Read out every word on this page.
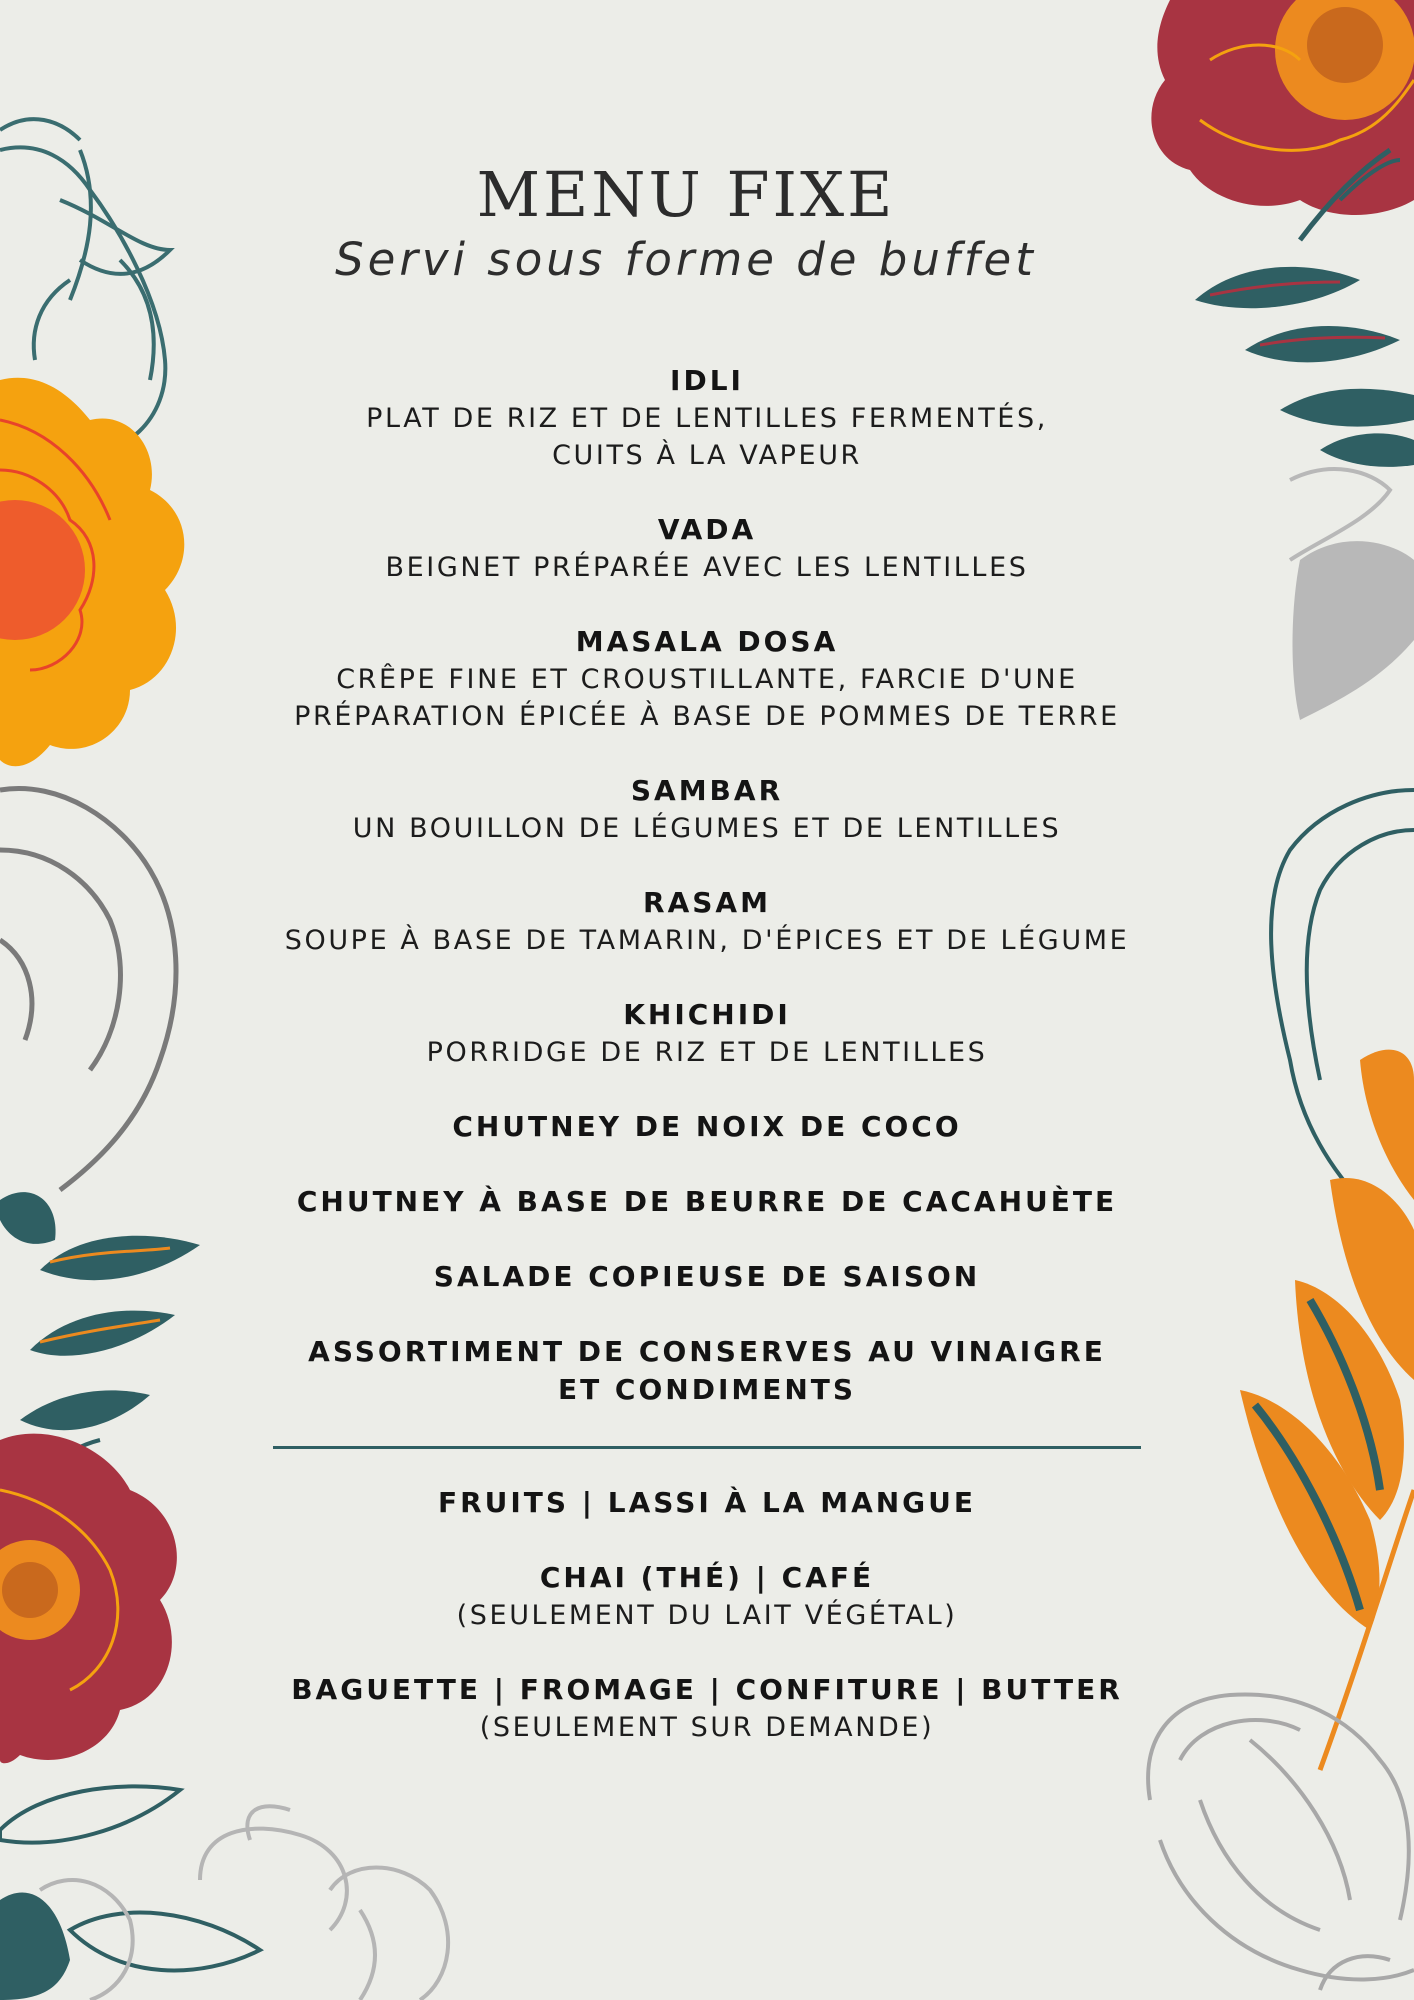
MENU FIXE
Servi sous forme de buffet
IDLI
PLAT DE RIZ ET DE LENTILLES FERMENTÉS,
CUITS À LA VAPEUR
VADA
BEIGNET PRÉPARÉE AVEC LES LENTILLES
MASALA DOSA
CRÊPE FINE ET CROUSTILLANTE, FARCIE D'UNE
PRÉPARATION ÉPICÉE À BASE DE POMMES DE TERRE
SAMBAR
UN BOUILLON DE LÉGUMES ET DE LENTILLES
RASAM
SOUPE À BASE DE TAMARIN, D'ÉPICES ET DE LÉGUME
KHICHIDI
PORRIDGE DE RIZ ET DE LENTILLES
CHUTNEY DE NOIX DE COCO
CHUTNEY À BASE DE BEURRE DE CACAHUÈTE
SALADE COPIEUSE DE SAISON
ASSORTIMENT DE CONSERVES AU VINAIGRE
ET CONDIMENTS
FRUITS | LASSI À LA MANGUE
CHAI (THÉ) | CAFÉ
(SEULEMENT DU LAIT VÉGÉTAL)
BAGUETTE | FROMAGE | CONFITURE | BUTTER
(SEULEMENT SUR DEMANDE)
